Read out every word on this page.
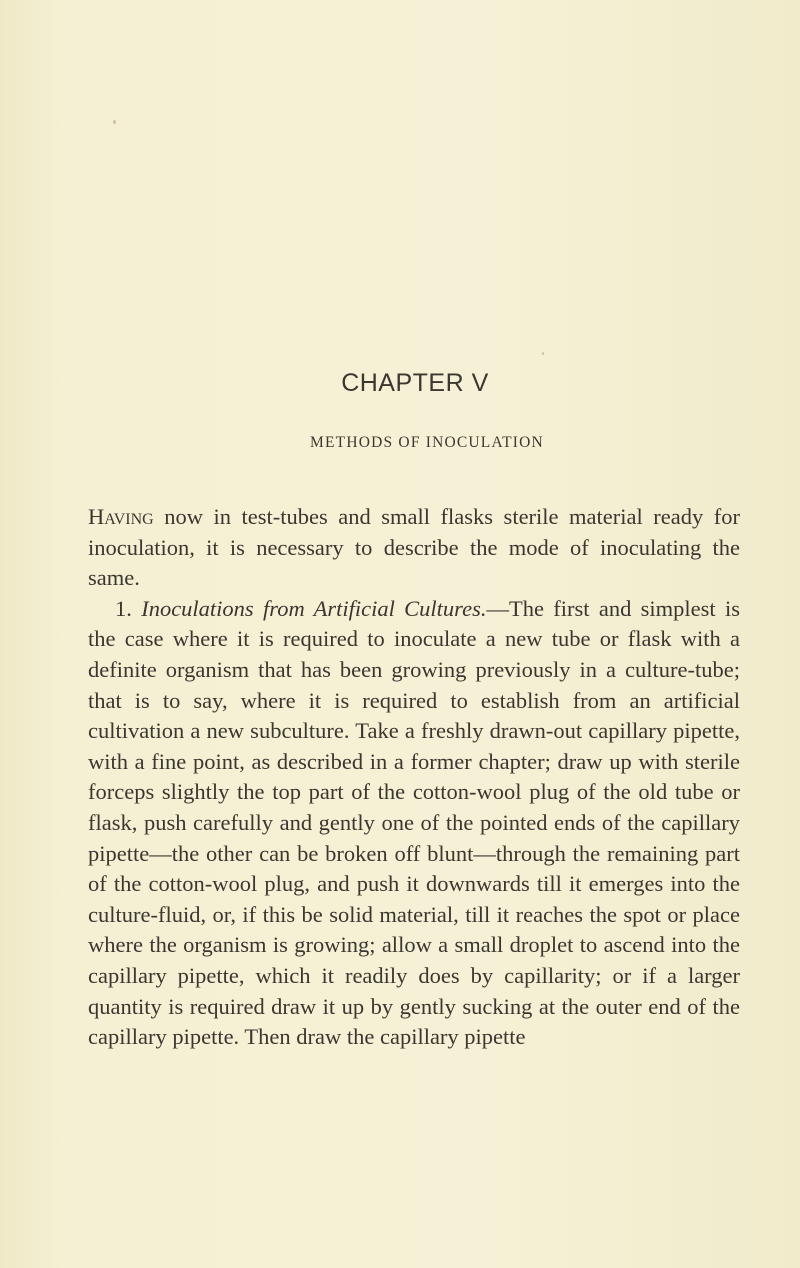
CHAPTER V
METHODS OF INOCULATION

Having now in test-tubes and small flasks sterile material ready for inoculation, it is necessary to describe the mode of inoculating the same.

1. Inoculations from Artificial Cultures.—The first and simplest is the case where it is required to inoculate a new tube or flask with a definite organism that has been growing previously in a culture-tube; that is to say, where it is required to establish from an artificial cultivation a new subculture. Take a freshly drawn-out capillary pipette, with a fine point, as described in a former chapter; draw up with sterile forceps slightly the top part of the cotton-wool plug of the old tube or flask, push carefully and gently one of the pointed ends of the capillary pipette—the other can be broken off blunt—through the remaining part of the cotton-wool plug, and push it downwards till it emerges into the culture-fluid, or, if this be solid material, till it reaches the spot or place where the organism is growing; allow a small droplet to ascend into the capillary pipette, which it readily does by capillarity; or if a larger quantity is required draw it up by gently sucking at the outer end of the capillary pipette. Then draw the capillary pipette
